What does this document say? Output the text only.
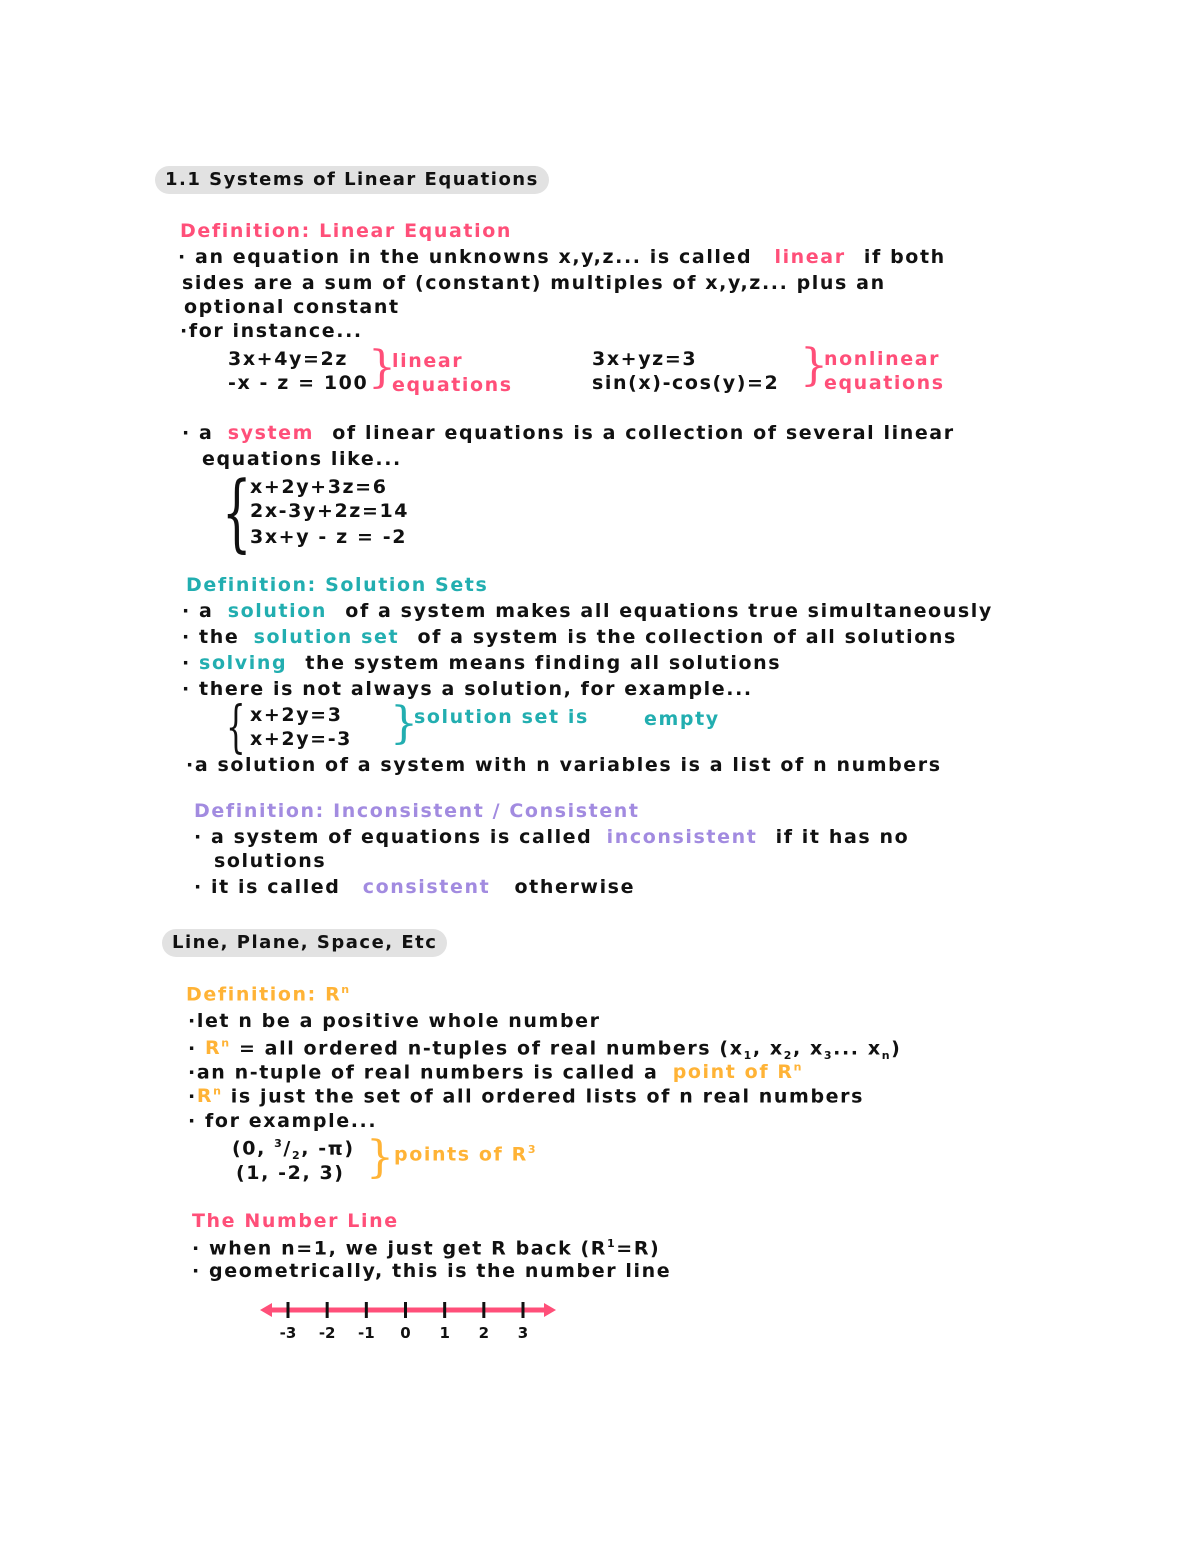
1.1 Systems of Linear Equations
Definition: Linear Equation
· an equation in the unknowns x,y,z... is called linear if both
sides are a sum of (constant) multiples of x,y,z... plus an
optional constant
·for instance...
3x+4y=2z
-x - z = 100 }
linear
equations
3x+yz=3
sin(x)-cos(y)=2 }
nonlinear
equations
· a system of linear equations is a collection of several linear
equations like...
{
x+2y+3z=6
2x-3y+2z=14
3x+y - z = -2
Definition: Solution Sets
· a solution of a system makes all equations true simultaneously
· the solution set of a system is the collection of all solutions
· solving the system means finding all solutions
· there is not always a solution, for example...
{ x+2y=3
x+2y=-3 }
solution set is	empty
·a solution of a system with n variables is a list of n numbers
Definition: Inconsistent / Consistent
· a system of equations is called inconsistent if it has no
solutions
· it is called consistent otherwise
Line, Plane, Space, Etc
Definition: $R^n$
·let n be a positive whole number
· $R^n$ = all ordered n-tuples of real numbers ($x_1$, $x_2$, $x_3$... $x_n$)
·an n-tuple of real numbers is called a point of $R^n$
$\cdot R^n$ is just the set of all ordered lists of n real numbers
· for example...
(0, $^3/_2$, -π)
(1, -2, 3) } points of $R^3$
The Number Line
· when n=1, we just get R back $(R^1=R)$
· geometrically, this is the number line
-3 -2 -1 0 1 2 3
